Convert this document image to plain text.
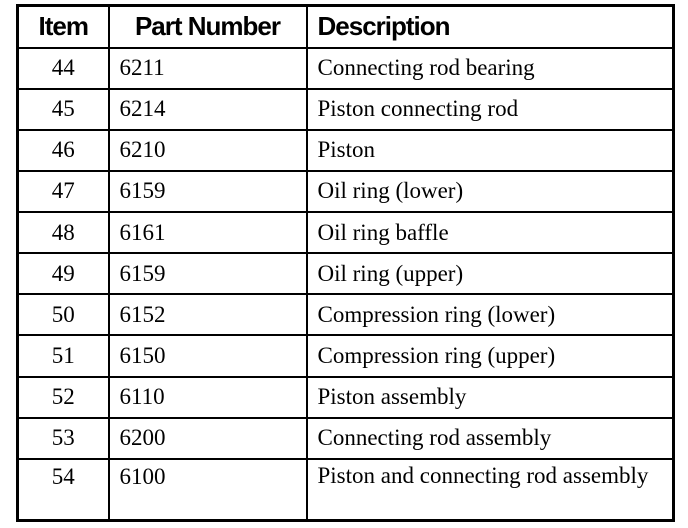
Item	Part Number	Description
44	6211	Connecting rod bearing
45	6214	Piston connecting rod
46	6210	Piston
47	6159	Oil ring (lower)
48	6161	Oil ring baffle
49	6159	Oil ring (upper)
50	6152	Compression ring (lower)
51	6150	Compression ring (upper)
52	6110	Piston assembly
53	6200	Connecting rod assembly
54	6100	Piston and connecting rod assembly
